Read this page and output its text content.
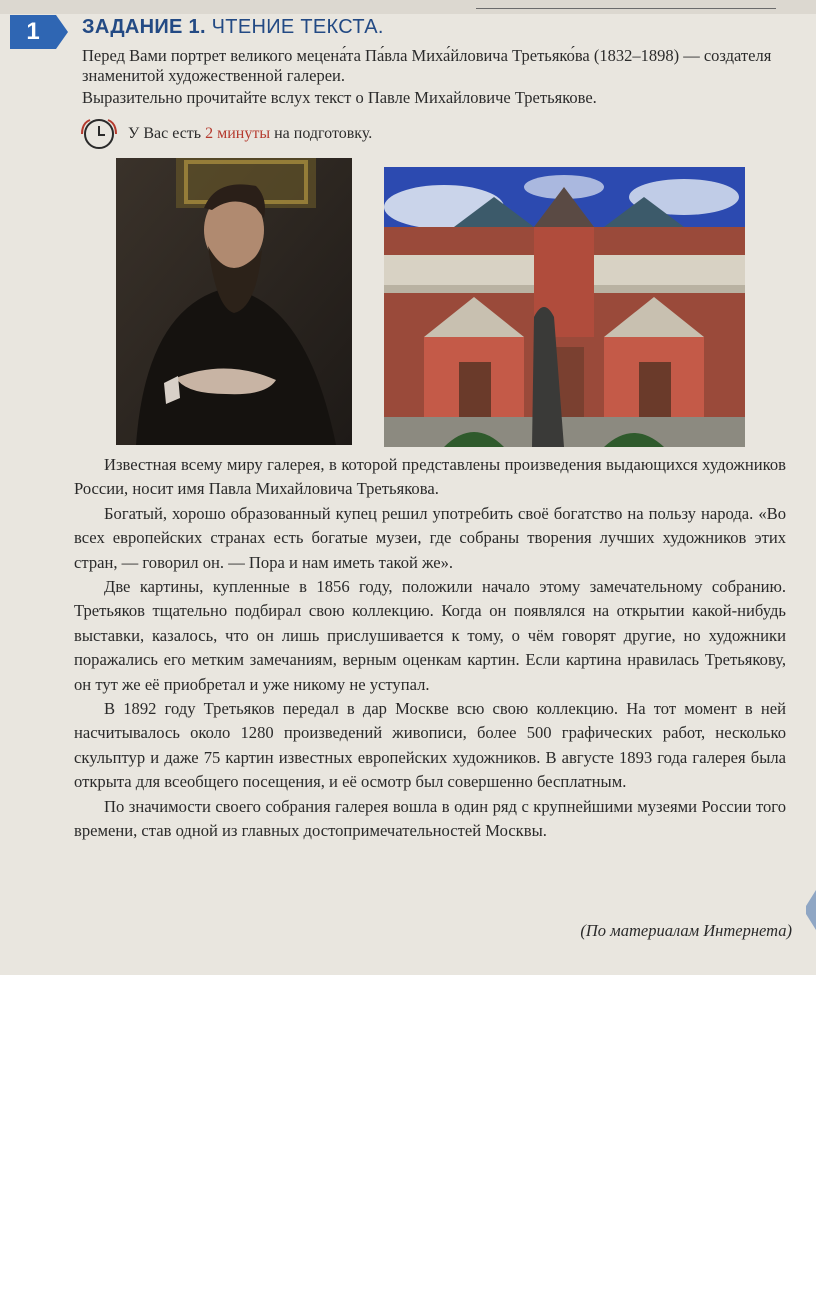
1	ЗАДАНИЕ 1. ЧТЕНИЕ ТЕКСТА.

Перед Вами портрет великого мецена́та Па́вла Миха́йловича Третьяко́ва (1832–1898) — создателя знаменитой художественной галереи.

Выразительно прочитайте вслух текст о Павле Михайловиче Третьякове.

У Вас есть 2 минуты на подготовку.

Известная всему миру галерея, в которой представлены произведения выдающихся художников России, носит имя Павла Михайловича Третьякова.

Богатый, хорошо образованный купец решил употребить своё богатство на пользу народа. «Во всех европейских странах есть богатые музеи, где собраны творения лучших художников этих стран, — говорил он. — Пора и нам иметь такой же».

Две картины, купленные в 1856 году, положили начало этому замечательному собранию. Третьяков тщательно подбирал свою коллекцию. Когда он появлялся на открытии какой-нибудь выставки, казалось, что он лишь прислушивается к тому, о чём говорят другие, но художники поражались его метким замечаниям, верным оценкам картин. Если картина нравилась Третьякову, он тут же её приобретал и уже никому не уступал.

В 1892 году Третьяков передал в дар Москве всю свою коллекцию. На тот момент в ней насчитывалось около 1280 произведений живописи, более 500 графических работ, несколько скульптур и даже 75 картин известных европейских художников. В августе 1893 года галерея была открыта для всеобщего посещения, и её осмотр был совершенно бесплатным.

По значимости своего собрания галерея вошла в один ряд с крупнейшими музеями России того времени, став одной из главных достопримечательностей Москвы.

(По материалам Интернета)
